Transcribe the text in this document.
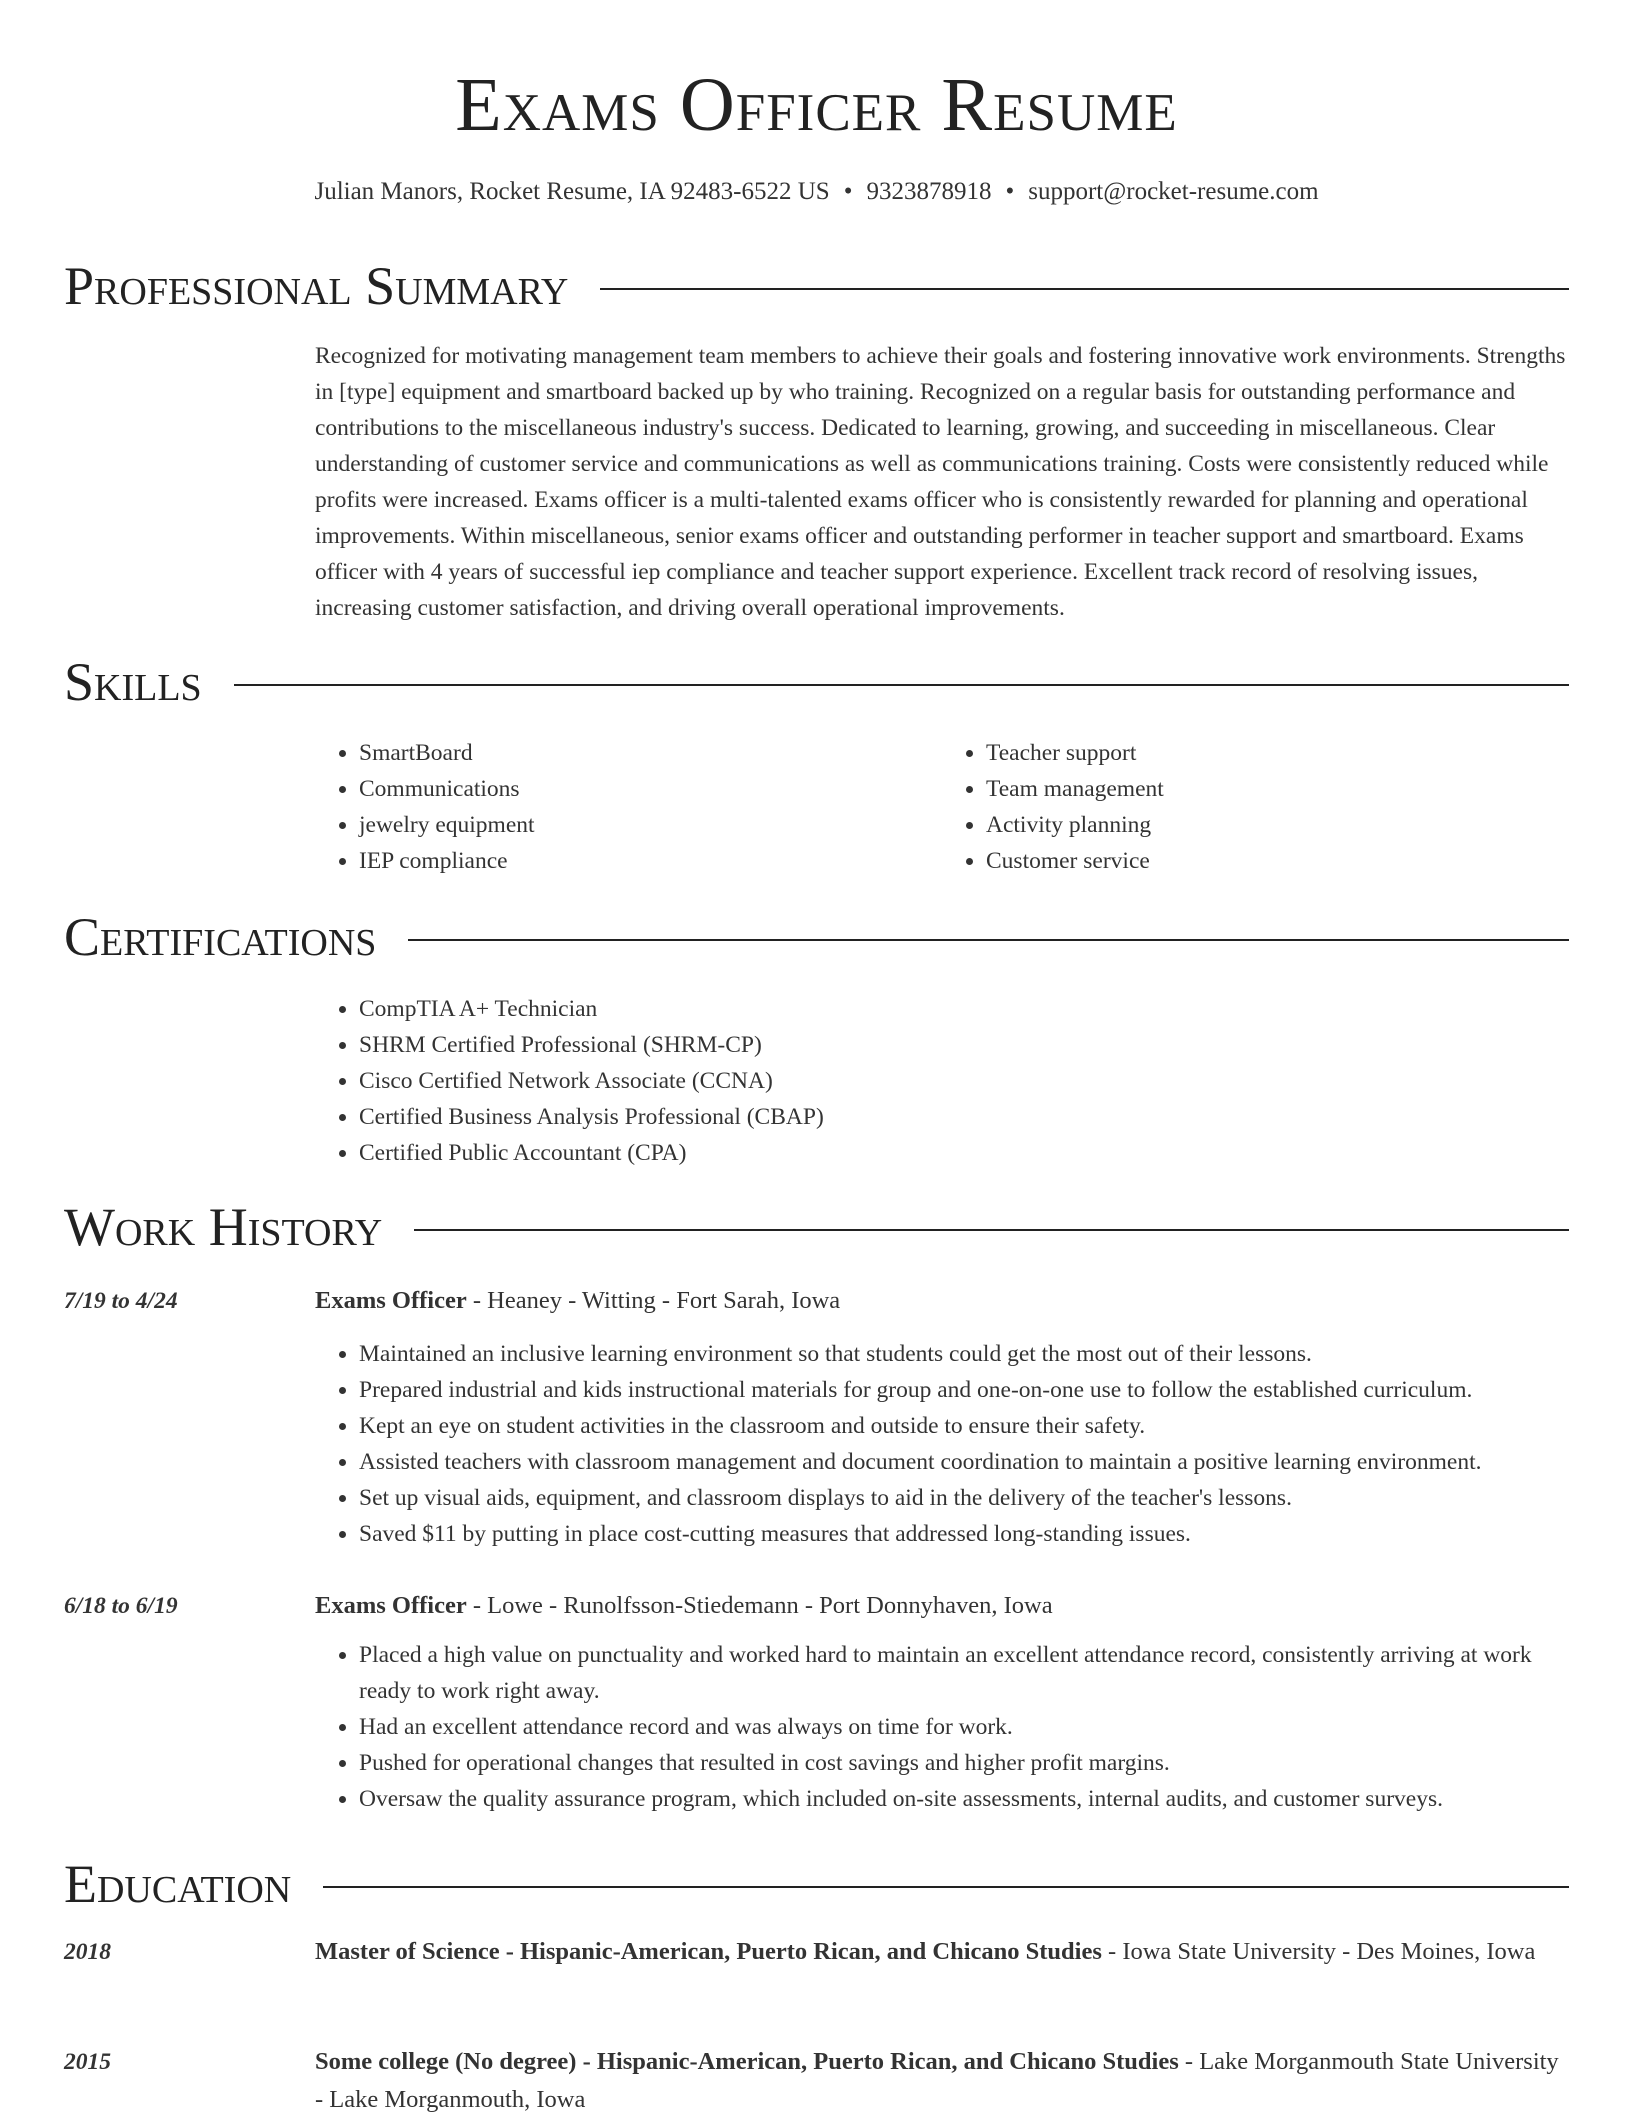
Exams Officer Resume
Julian Manors, Rocket Resume, IA 92483-6522 US • 9323878918 • support@rocket-resume.com
Professional Summary
Recognized for motivating management team members to achieve their goals and fostering innovative work environments. Strengths in [type] equipment and smartboard backed up by who training. Recognized on a regular basis for outstanding performance and contributions to the miscellaneous industry's success. Dedicated to learning, growing, and succeeding in miscellaneous. Clear understanding of customer service and communications as well as communications training. Costs were consistently reduced while profits were increased. Exams officer is a multi-talented exams officer who is consistently rewarded for planning and operational improvements. Within miscellaneous, senior exams officer and outstanding performer in teacher support and smartboard. Exams officer with 4 years of successful iep compliance and teacher support experience. Excellent track record of resolving issues, increasing customer satisfaction, and driving overall operational improvements.
Skills
• SmartBoard
• Communications
• jewelry equipment
• IEP compliance
• Teacher support
• Team management
• Activity planning
• Customer service
Certifications
• CompTIA A+ Technician
• SHRM Certified Professional (SHRM-CP)
• Cisco Certified Network Associate (CCNA)
• Certified Business Analysis Professional (CBAP)
• Certified Public Accountant (CPA)
Work History
7/19 to 4/24	Exams Officer - Heaney - Witting - Fort Sarah, Iowa
• Maintained an inclusive learning environment so that students could get the most out of their lessons.
• Prepared industrial and kids instructional materials for group and one-on-one use to follow the established curriculum.
• Kept an eye on student activities in the classroom and outside to ensure their safety.
• Assisted teachers with classroom management and document coordination to maintain a positive learning environment.
• Set up visual aids, equipment, and classroom displays to aid in the delivery of the teacher's lessons.
• Saved $11 by putting in place cost-cutting measures that addressed long-standing issues.
6/18 to 6/19	Exams Officer - Lowe - Runolfsson-Stiedemann - Port Donnyhaven, Iowa
• Placed a high value on punctuality and worked hard to maintain an excellent attendance record, consistently arriving at work ready to work right away.
• Had an excellent attendance record and was always on time for work.
• Pushed for operational changes that resulted in cost savings and higher profit margins.
• Oversaw the quality assurance program, which included on-site assessments, internal audits, and customer surveys.
Education
2018	Master of Science - Hispanic-American, Puerto Rican, and Chicano Studies - Iowa State University - Des Moines, Iowa
2015	Some college (No degree) - Hispanic-American, Puerto Rican, and Chicano Studies - Lake Morganmouth State University - Lake Morganmouth, Iowa
